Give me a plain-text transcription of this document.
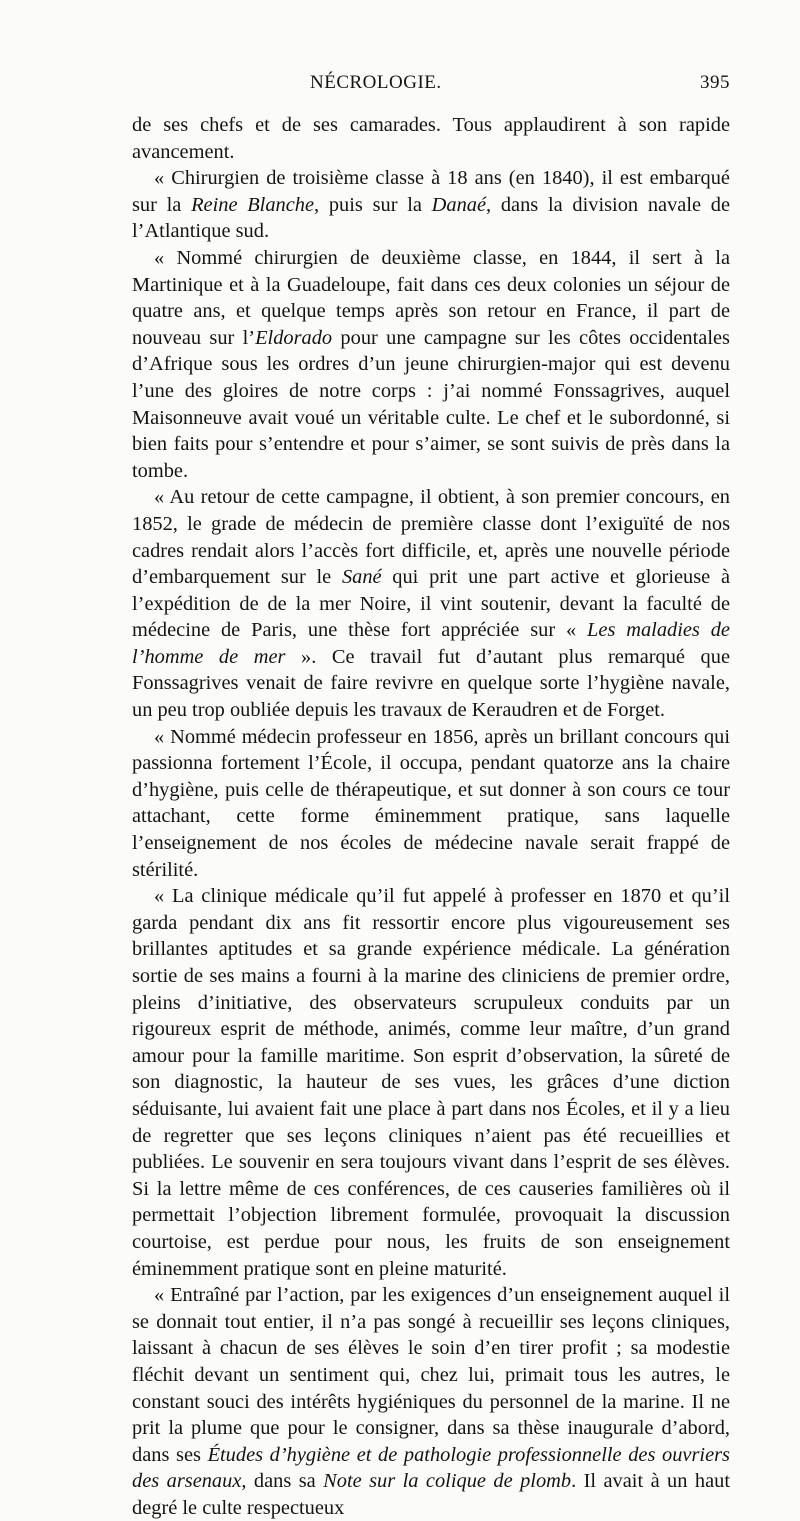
NÉCROLOGIE.	395

de ses chefs et de ses camarades. Tous applaudirent à son rapide avancement.

« Chirurgien de troisième classe à 18 ans (en 1840), il est embarqué sur la Reine Blanche, puis sur la Danaé, dans la division navale de l’Atlantique sud.

« Nommé chirurgien de deuxième classe, en 1844, il sert à la Martinique et à la Guadeloupe, fait dans ces deux colonies un séjour de quatre ans, et quelque temps après son retour en France, il part de nouveau sur l’Eldorado pour une campagne sur les côtes occidentales d’Afrique sous les ordres d’un jeune chirurgien-major qui est devenu l’une des gloires de notre corps : j’ai nommé Fonssagrives, auquel Maisonneuve avait voué un véritable culte. Le chef et le subordonné, si bien faits pour s’entendre et pour s’aimer, se sont suivis de près dans la tombe.

« Au retour de cette campagne, il obtient, à son premier concours, en 1852, le grade de médecin de première classe dont l’exiguïté de nos cadres rendait alors l’accès fort difficile, et, après une nouvelle période d’embarquement sur le Sané qui prit une part active et glorieuse à l’expédition de de la mer Noire, il vint soutenir, devant la faculté de médecine de Paris, une thèse fort appréciée sur « Les maladies de l’homme de mer ». Ce travail fut d’autant plus remarqué que Fonssagrives venait de faire revivre en quelque sorte l’hygiène navale, un peu trop oubliée depuis les travaux de Keraudren et de Forget.

« Nommé médecin professeur en 1856, après un brillant concours qui passionna fortement l’École, il occupa, pendant quatorze ans la chaire d’hygiène, puis celle de thérapeutique, et sut donner à son cours ce tour attachant, cette forme éminemment pratique, sans laquelle l’enseignement de nos écoles de médecine navale serait frappé de stérilité.

« La clinique médicale qu’il fut appelé à professer en 1870 et qu’il garda pendant dix ans fit ressortir encore plus vigoureusement ses brillantes aptitudes et sa grande expérience médicale. La génération sortie de ses mains a fourni à la marine des cliniciens de premier ordre, pleins d’initiative, des observateurs scrupuleux conduits par un rigoureux esprit de méthode, animés, comme leur maître, d’un grand amour pour la famille maritime. Son esprit d’observation, la sûreté de son diagnostic, la hauteur de ses vues, les grâces d’une diction séduisante, lui avaient fait une place à part dans nos Écoles, et il y a lieu de regretter que ses leçons cliniques n’aient pas été recueillies et publiées. Le souvenir en sera toujours vivant dans l’esprit de ses élèves. Si la lettre même de ces conférences, de ces causeries familières où il permettait l’objection librement formulée, provoquait la discussion courtoise, est perdue pour nous, les fruits de son enseignement éminemment pratique sont en pleine maturité.

« Entraîné par l’action, par les exigences d’un enseignement auquel il se donnait tout entier, il n’a pas songé à recueillir ses leçons cliniques, laissant à chacun de ses élèves le soin d’en tirer profit ; sa modestie fléchit devant un sentiment qui, chez lui, primait tous les autres, le constant souci des intérêts hygiéniques du personnel de la marine. Il ne prit la plume que pour le consigner, dans sa thèse inaugurale d’abord, dans ses Études d’hygiène et de pathologie professionnelle des ouvriers des arsenaux, dans sa Note sur la colique de plomb. Il avait à un haut degré le culte respectueux
